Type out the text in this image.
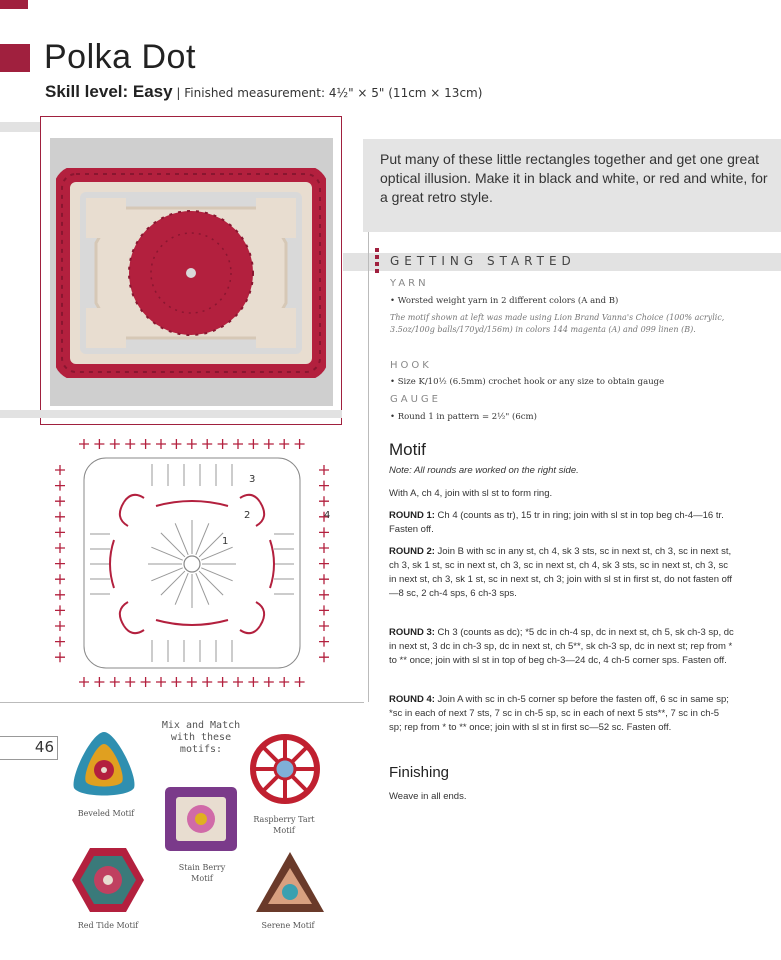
Polka Dot
Skill level: Easy | Finished measurement: 4½" × 5" (11cm × 13cm)
Put many of these little rectangles together and get one great optical illusion. Make it in black and white, or red and white, for a great retro style.
GETTING STARTED
YARN
• Worsted weight yarn in 2 different colors (A and B)
The motif shown at left was made using Lion Brand Vanna's Choice (100% acrylic, 3.5oz/100g balls/170yd/156m) in colors 144 magenta (A) and 099 linen (B).
HOOK
• Size K/10½ (6.5mm) crochet hook or any size to obtain gauge
GAUGE
• Round 1 in pattern = 2½" (6cm)
Motif
Note: All rounds are worked on the right side.
With A, ch 4, join with sl st to form ring.
ROUND 1: Ch 4 (counts as tr), 15 tr in ring; join with sl st in top beg ch-4—16 tr. Fasten off.
ROUND 2: Join B with sc in any st, ch 4, sk 3 sts, sc in next st, ch 3, sc in next st, ch 3, sk 1 st, sc in next st, ch 3, sc in next st, ch 4, sk 3 sts, sc in next st, ch 3, sc in next st, ch 3, sk 1 st, sc in next st, ch 3; join with sl st in first st, do not fasten off—8 sc, 2 ch-4 sps, 6 ch-3 sps.
ROUND 3: Ch 3 (counts as dc); *5 dc in ch-4 sp, dc in next st, ch 5, sk ch-3 sp, dc in next st, 3 dc in ch-3 sp, dc in next st, ch 5**, sk ch-3 sp, dc in next st; rep from * to ** once; join with sl st in top of beg ch-3—24 dc, 4 ch-5 corner sps. Fasten off.
ROUND 4: Join A with sc in ch-5 corner sp before the fasten off, 6 sc in same sp; *sc in each of next 7 sts, 7 sc in ch-5 sp, sc in each of next 5 sts**, 7 sc in ch-5 sp; rep from * to ** once; join with sl st in first sc—52 sc. Fasten off.
Finishing
Weave in all ends.
3
2	4
1
46
Mix and Match with these motifs:
Beveled Motif
Raspberry Tart Motif
Stain Berry Motif
Red Tide Motif	Serene Motif
